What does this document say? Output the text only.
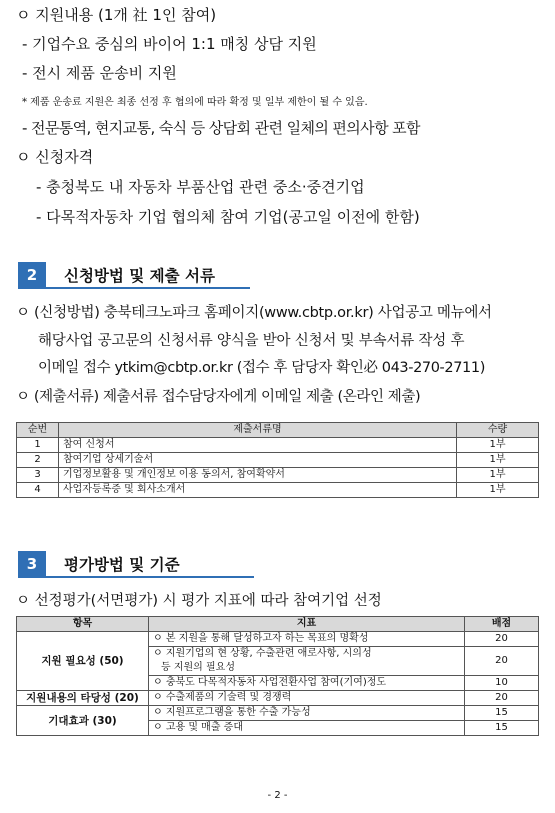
ㅇ 지원내용 (1개 社 1인 참여)
- 기업수요 중심의 바이어 1:1 매칭 상담 지원
- 전시 제품 운송비 지원
* 제품 운송료 지원은 최종 선정 후 협의에 따라 확정 및 일부 제한이 될 수 있음.
- 전문통역, 현지교통, 숙식 등 상담회 관련 일체의 편의사항 포함
ㅇ 신청자격
- 충청북도 내 자동차 부품산업 관련 중소·중견기업
- 다목적자동차 기업 협의체 참여 기업(공고일 이전에 한함)
2	신청방법 및 제출 서류
ㅇ (신청방법) 충북테크노파크 홈페이지(www.cbtp.or.kr) 사업공고 메뉴에서
해당사업 공고문의 신청서류 양식을 받아 신청서 및 부속서류 작성 후
이메일 접수 ytkim@cbtp.or.kr (접수 후 담당자 확인必 043-270-2711)
ㅇ (제출서류) 제출서류 접수담당자에게 이메일 제출 (온라인 제출)
순번	제출서류명	수량
1	참여 신청서	1부
2	참여기업 상세기술서	1부
3	기업정보활용 및 개인정보 이용 동의서, 참여확약서	1부
4	사업자등록증 및 회사소개서	1부
3	평가방법 및 기준
ㅇ 선정평가(서면평가) 시 평가 지표에 따라 참여기업 선정
항목	지표	배점
지원 필요성 (50)	ㅇ 본 지원을 통해 달성하고자 하는 목표의 명확성	20

	ㅇ 지원기업의 현 상황, 수출관련 애로사항, 시의성
등 지원의 필요성	20
	ㅇ 충북도 다목적자동차 사업전환사업 참여(기여)정도	10
지원내용의 타당성 (20)	ㅇ 수출제품의 기술력 및 경쟁력	20
기대효과 (30)	ㅇ 지원프로그램을 통한 수출 가능성	15
	ㅇ 고용 및 매출 증대	15
- 2 -
